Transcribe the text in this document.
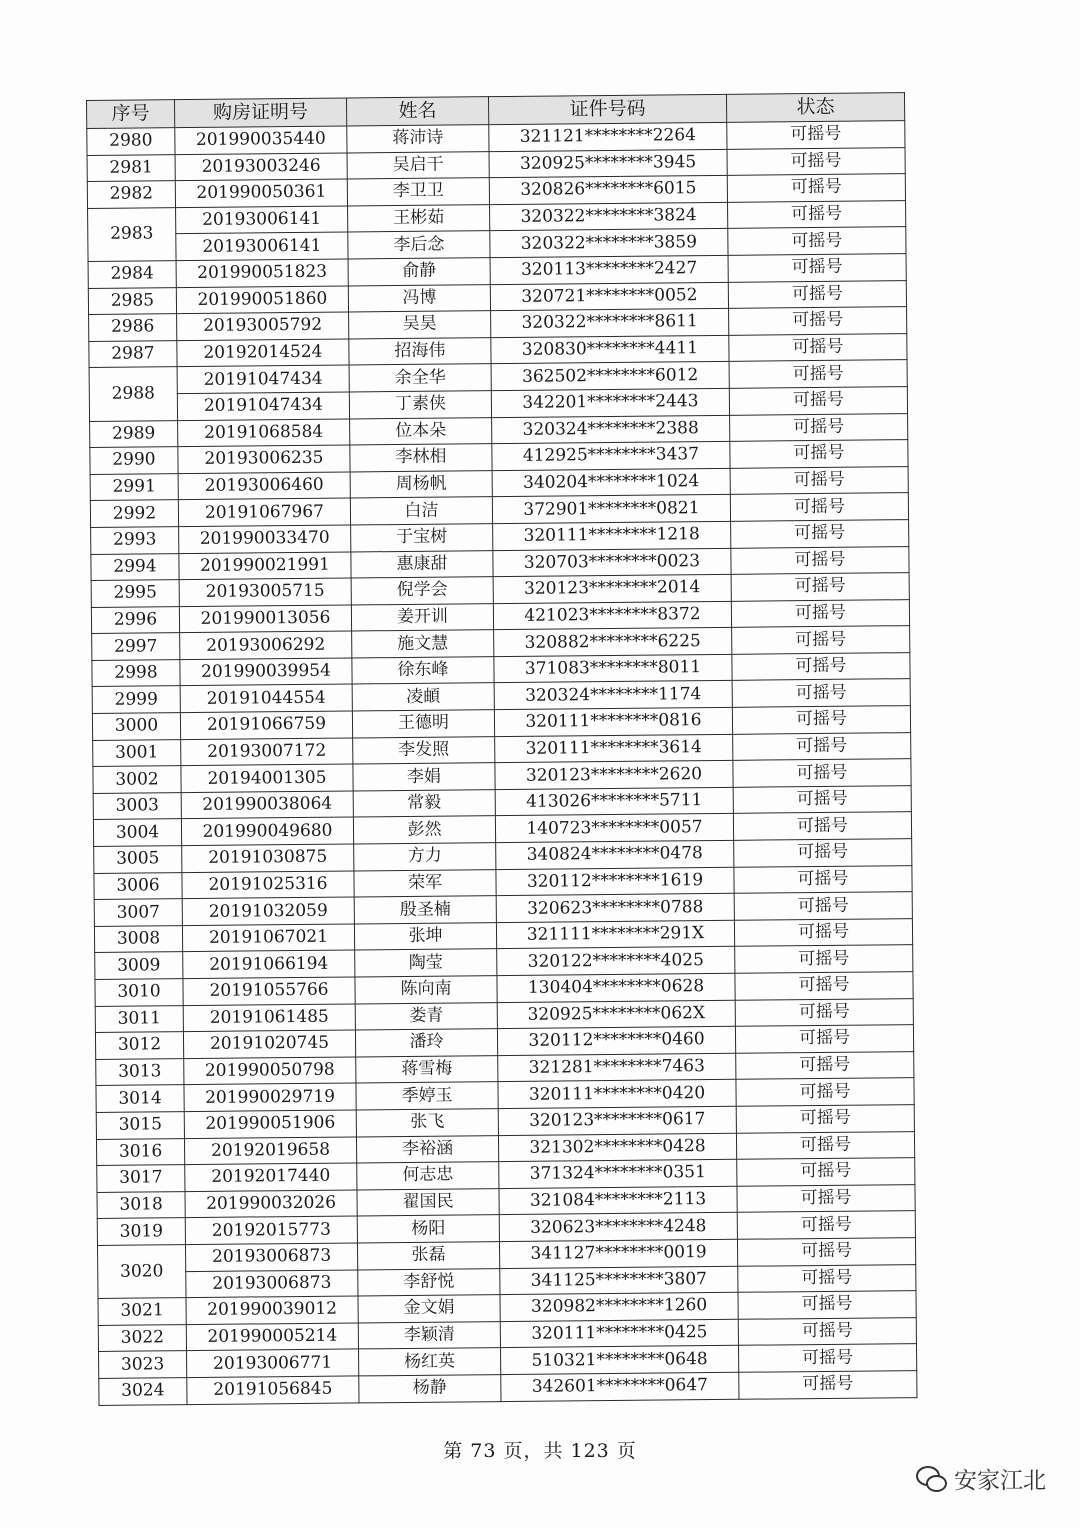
序号	购房证明号	姓名	证件号码	状态
2980	201990035440	蒋沛诗	321121********2264	可摇号
2981	20193003246	吴启干	320925********3945	可摇号
2982	201990050361	李卫卫	320826********6015	可摇号
2983	20193006141	王彬茹	320322********3824	可摇号
	20193006141	李后念	320322********3859	可摇号
2984	201990051823	俞静	320113********2427	可摇号
2985	201990051860	冯博	320721********0052	可摇号
2986	20193005792	吴昊	320322********8611	可摇号
2987	20192014524	招海伟	320830********4411	可摇号
2988	20191047434	余全华	362502********6012	可摇号
	20191047434	丁素侠	342201********2443	可摇号
2989	20191068584	位本朵	320324********2388	可摇号
2990	20193006235	李林相	412925********3437	可摇号
2991	20193006460	周杨帆	340204********1024	可摇号
2992	20191067967	白洁	372901********0821	可摇号
2993	201990033470	于宝树	320111********1218	可摇号
2994	201990021991	惠康甜	320703********0023	可摇号
2995	20193005715	倪学会	320123********2014	可摇号
2996	201990013056	姜开训	421023********8372	可摇号
2997	20193006292	施文慧	320882********6225	可摇号
2998	201990039954	徐东峰	371083********8011	可摇号
2999	20191044554	凌頔	320324********1174	可摇号
3000	20191066759	王德明	320111********0816	可摇号
3001	20193007172	李发照	320111********3614	可摇号
3002	20194001305	李娟	320123********2620	可摇号
3003	201990038064	常毅	413026********5711	可摇号
3004	201990049680	彭然	140723********0057	可摇号
3005	20191030875	方力	340824********0478	可摇号
3006	20191025316	荣军	320112********1619	可摇号
3007	20191032059	殷圣楠	320623********0788	可摇号
3008	20191067021	张坤	321111********291X	可摇号
3009	20191066194	陶莹	320122********4025	可摇号
3010	20191055766	陈向南	130404********0628	可摇号
3011	20191061485	娄青	320925********062X	可摇号
3012	20191020745	潘玲	320112********0460	可摇号
3013	201990050798	蒋雪梅	321281********7463	可摇号
3014	201990029719	季婷玉	320111********0420	可摇号
3015	201990051906	张飞	320123********0617	可摇号
3016	20192019658	李裕涵	321302********0428	可摇号
3017	20192017440	何志忠	371324********0351	可摇号
3018	201990032026	翟国民	321084********2113	可摇号
3019	20192015773	杨阳	320623********4248	可摇号
3020	20193006873	张磊	341127********0019	可摇号
	20193006873	李舒悦	341125********3807	可摇号
3021	201990039012	金文娟	320982********1260	可摇号
3022	201990005214	李颖清	320111********0425	可摇号
3023	20193006771	杨红英	510321********0648	可摇号
3024	20191056845	杨静	342601********0647	可摇号
第 73 页，共 123 页
安家江北
